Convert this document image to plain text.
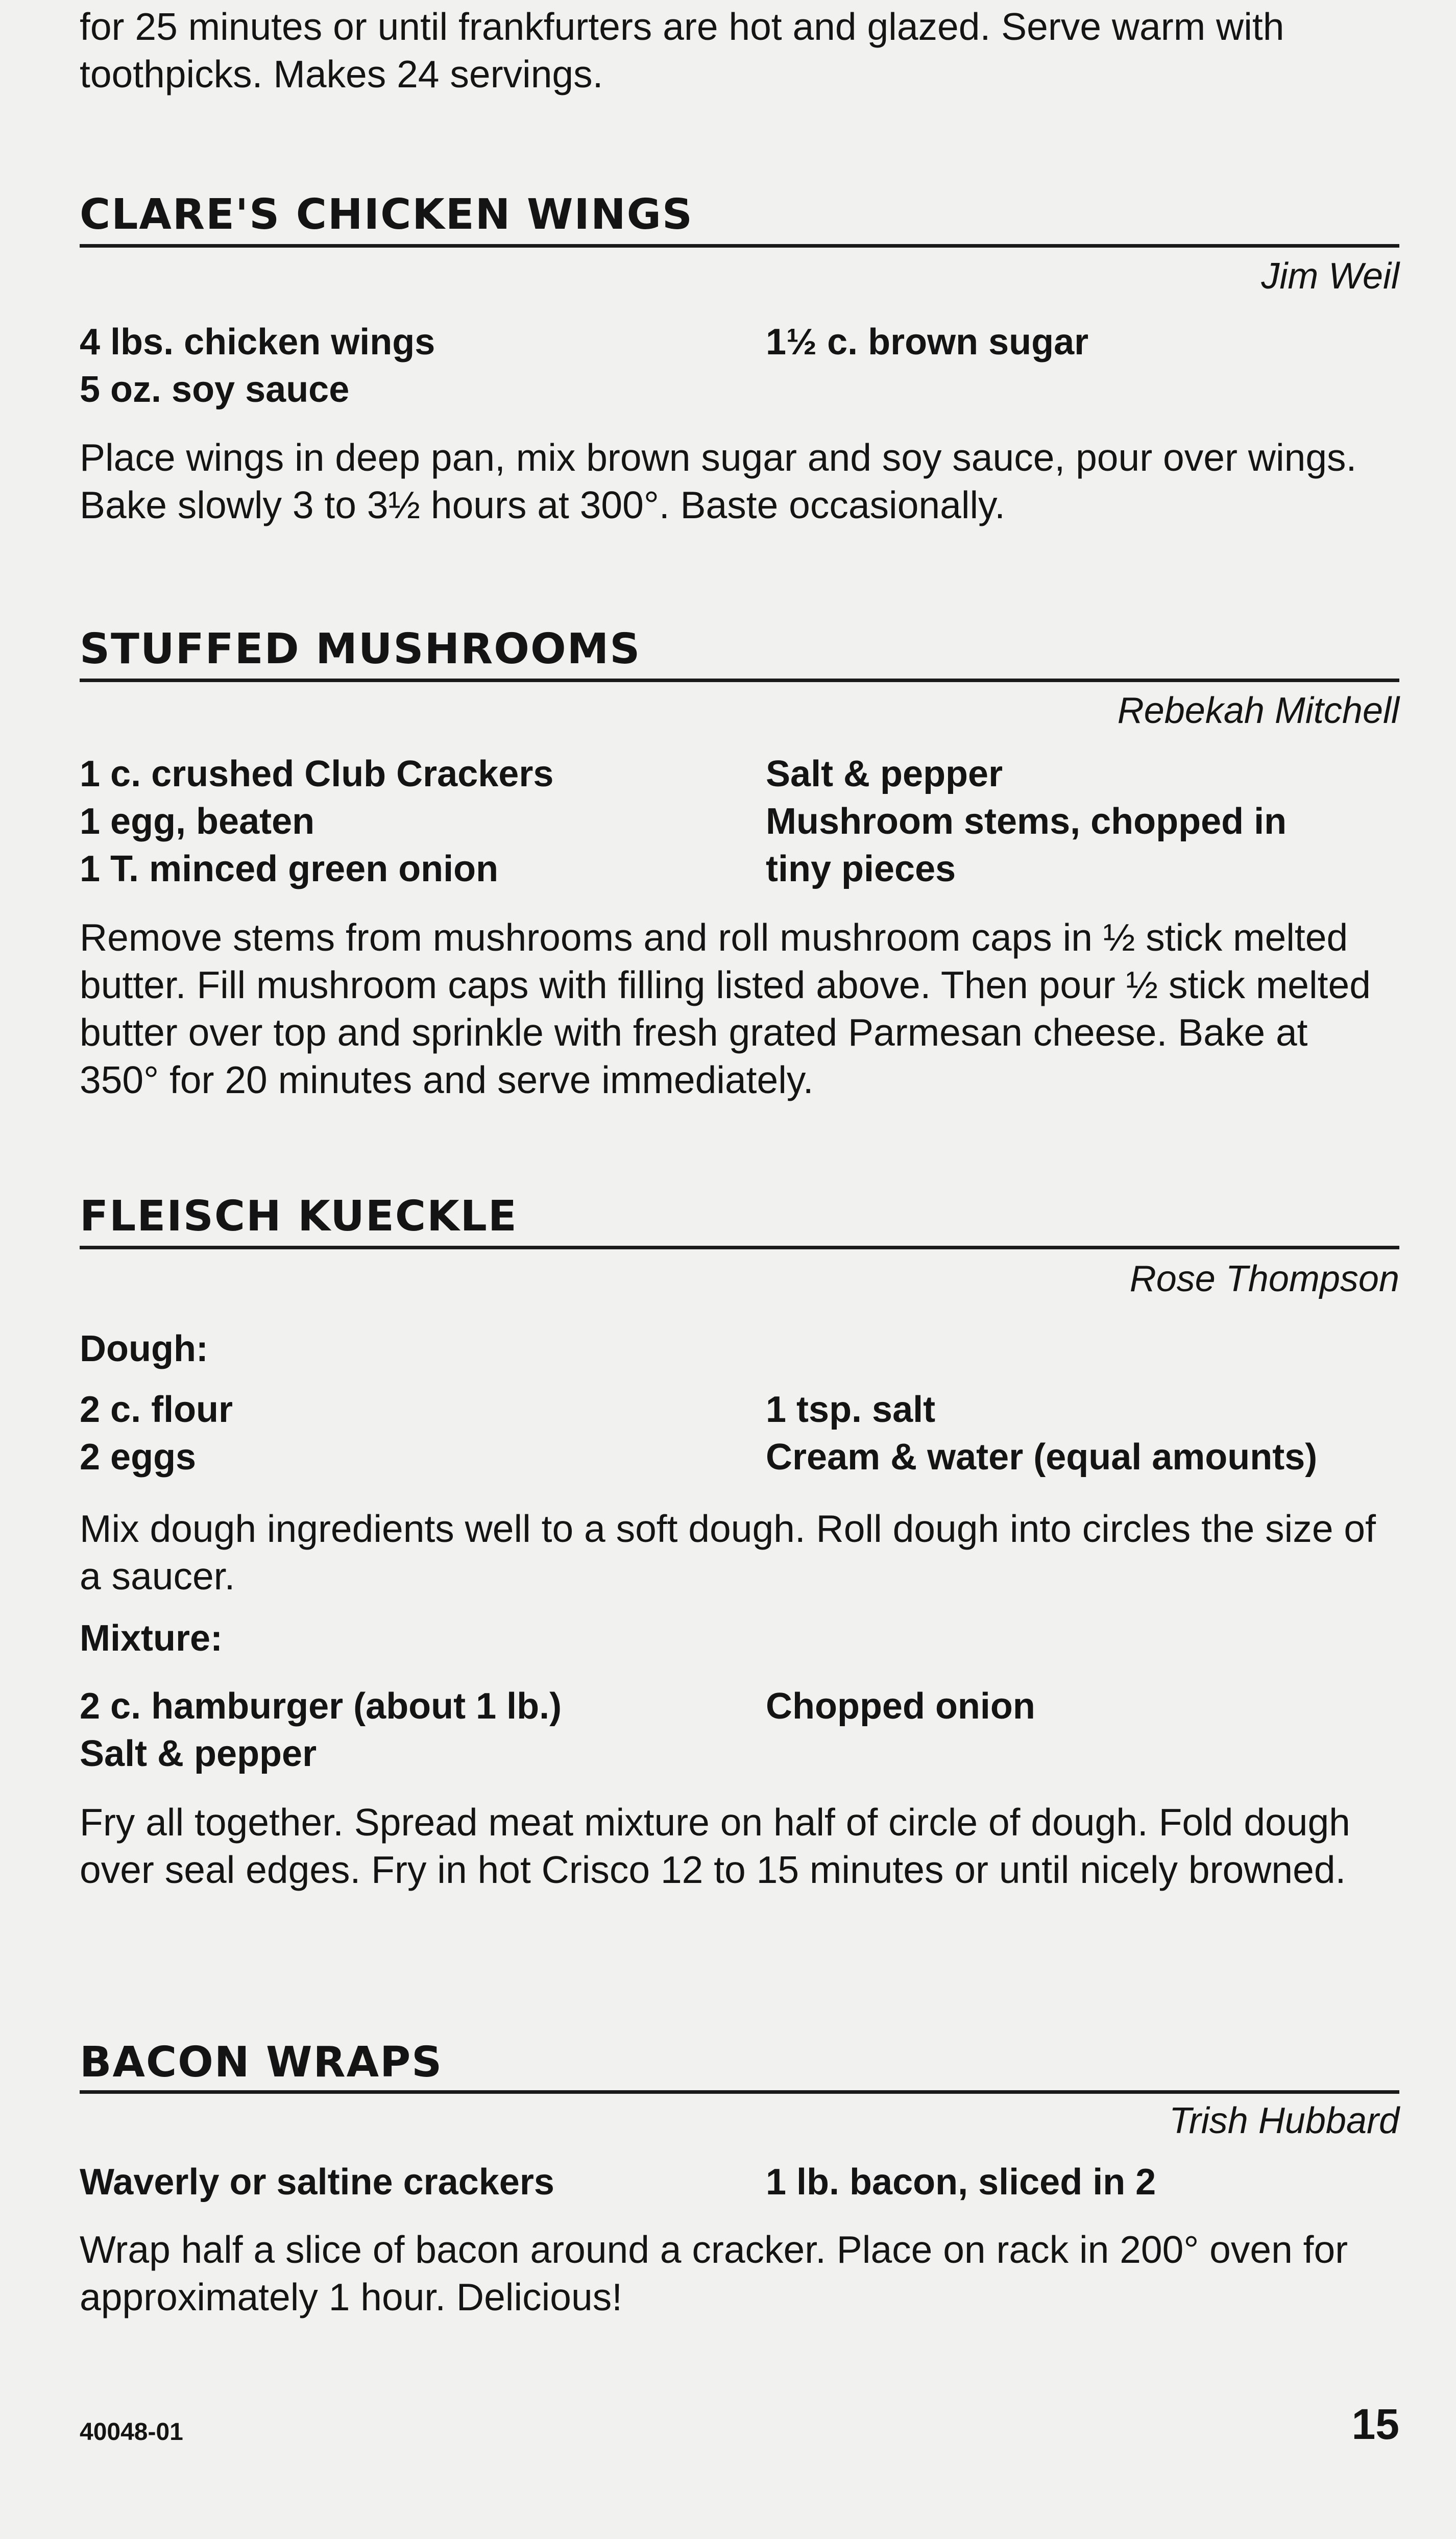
for 25 minutes or until frankfurters are hot and glazed. Serve warm with toothpicks. Makes 24 servings.
CLARE'S CHICKEN WINGS
Jim Weil
4 lbs. chicken wings
5 oz. soy sauce
1½ c. brown sugar
Place wings in deep pan, mix brown sugar and soy sauce, pour over wings. Bake slowly 3 to 3½ hours at 300°. Baste occasionally.
STUFFED MUSHROOMS
Rebekah Mitchell
1 c. crushed Club Crackers
1 egg, beaten
1 T. minced green onion
Salt & pepper
Mushroom stems, chopped in
tiny pieces
Remove stems from mushrooms and roll mushroom caps in ½ stick melted butter. Fill mushroom caps with filling listed above. Then pour ½ stick melted butter over top and sprinkle with fresh grated Parmesan cheese. Bake at 350° for 20 minutes and serve immediately.
FLEISCH KUECKLE
Rose Thompson
Dough:
2 c. flour
2 eggs
1 tsp. salt
Cream & water (equal amounts)
Mix dough ingredients well to a soft dough. Roll dough into circles the size of a saucer.
Mixture:
2 c. hamburger (about 1 lb.)
Salt & pepper
Chopped onion
Fry all together. Spread meat mixture on half of circle of dough. Fold dough over seal edges. Fry in hot Crisco 12 to 15 minutes or until nicely browned.
BACON WRAPS
Trish Hubbard
Waverly or saltine crackers	1 lb. bacon, sliced in 2
Wrap half a slice of bacon around a cracker. Place on rack in 200° oven for approximately 1 hour. Delicious!
40048-01	15
